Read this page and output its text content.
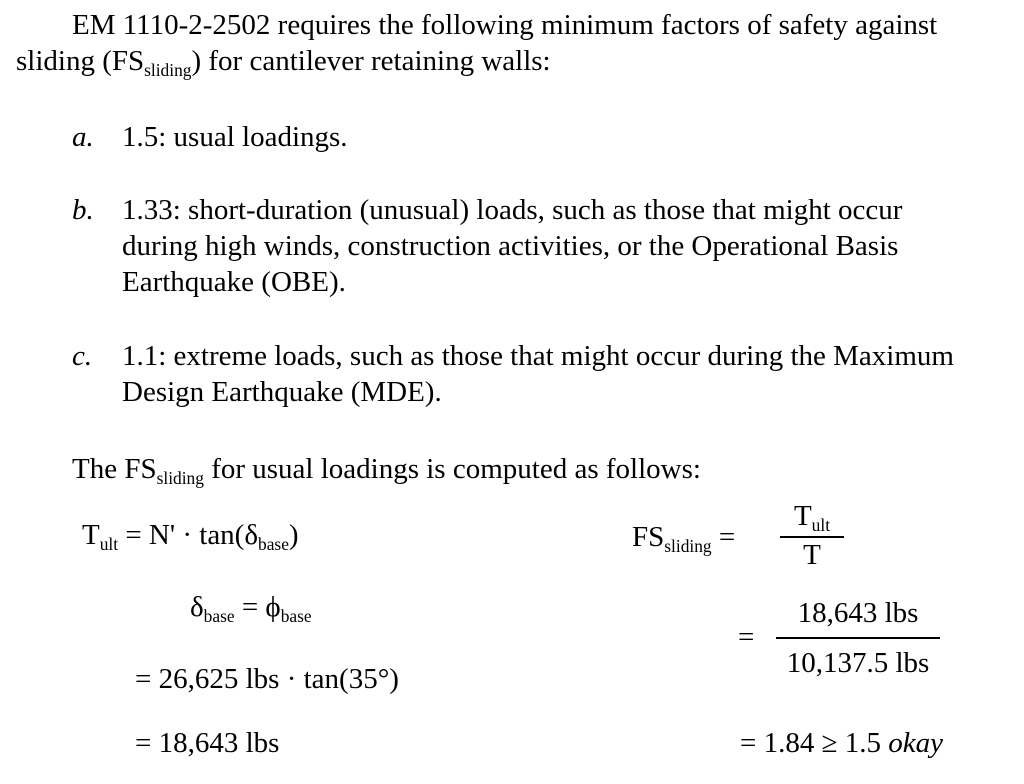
EM 1110-2-2502 requires the following minimum factors of safety against
sliding $(FS_{sliding})$ for cantilever retaining walls:
a. 1.5: usual loadings.
b. 1.33: short-duration (unusual) loads, such as those that might occur
during high winds, construction activities, or the Operational Basis
Earthquake (OBE).
c. 1.1: extreme loads, such as those that might occur during the Maximum
Design Earthquake (MDE).
The $FS_{sliding}$ for usual loadings is computed as follows:
$T_{ult} = N' \cdot \tan(\delta_{base})$
$\delta_{base} = \phi_{base}$
= 26,625 lbs · tan(35°)
= 18,643 lbs
$FS_{sliding}$ =
$T_{ult}$
T
=
18,643 lbs
10,137.5 lbs
= 1.84 ≥ 1.5 okay
